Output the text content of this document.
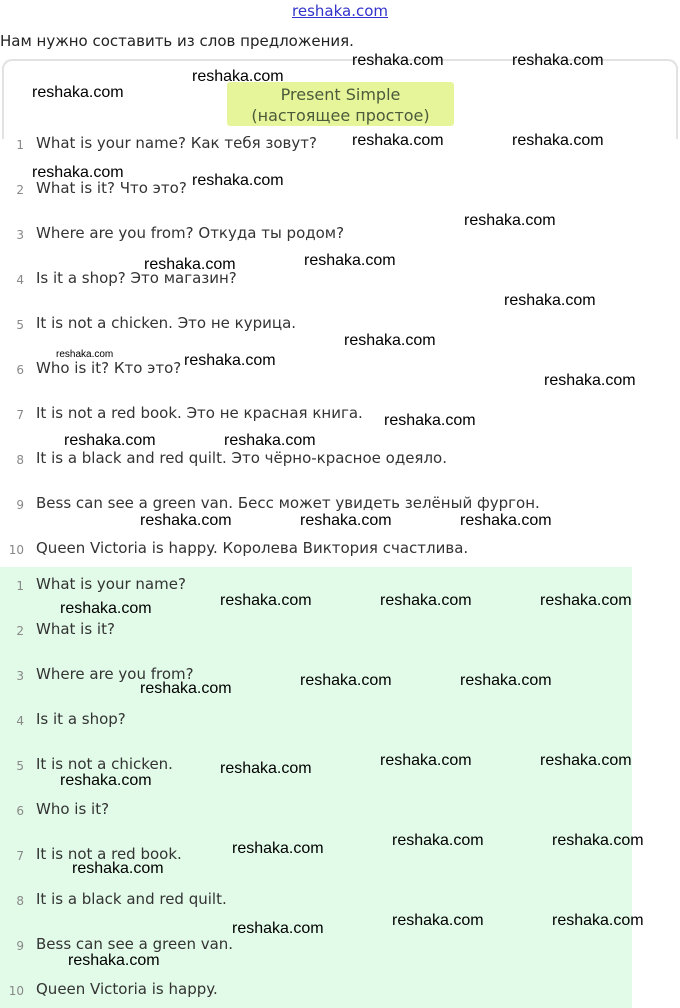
reshaka.com
Нам нужно составить из слов предложения.
Present Simple
(настоящее простое)
1 What is your name? Как тебя зовут?
2 What is it? Что это?
3 Where are you from? Откуда ты родом?
4 Is it a shop? Это магазин?
5 It is not a chicken. Это не курица.
6 Who is it? Кто это?
7 It is not a red book. Это не красная книга.
8 It is a black and red quilt. Это чёрно-красное одеяло.
9 Bess can see a green van. Бесс может увидеть зелёный фургон.
10 Queen Victoria is happy. Королева Виктория счастлива.
1 What is your name?
2 What is it?
3 Where are you from?
4 Is it a shop?
5 It is not a chicken.
6 Who is it?
7 It is not a red book.
8 It is a black and red quilt.
9 Bess can see a green van.
10 Queen Victoria is happy.
reshaka.com
reshaka.com	reshaka.com
reshaka.com
reshaka.com	reshaka.com
reshaka.com	reshaka.com
reshaka.com
reshaka.com	reshaka.com
reshaka.com
reshaka.com
reshaka.com	reshaka.com
reshaka.com
reshaka.com
reshaka.com	reshaka.com
reshaka.com	reshaka.com	reshaka.com
reshaka.com	reshaka.com	reshaka.com
reshaka.com
reshaka.com	reshaka.com
reshaka.com
reshaka.com	reshaka.com
reshaka.com
reshaka.com
reshaka.com	reshaka.com
reshaka.com
reshaka.com
reshaka.com	reshaka.com
reshaka.com
reshaka.com
